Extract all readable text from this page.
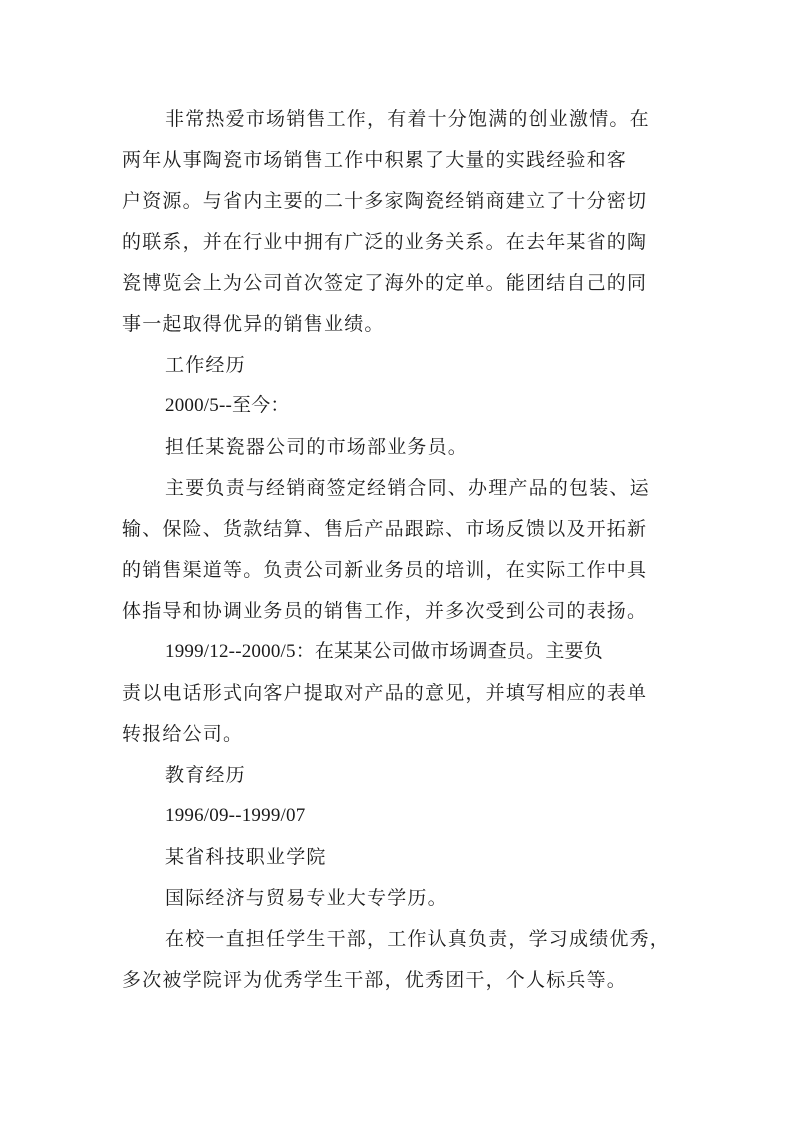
非常热爱市场销售工作，有着十分饱满的创业激情。在
两年从事陶瓷市场销售工作中积累了大量的实践经验和客
户资源。与省内主要的二十多家陶瓷经销商建立了十分密切
的联系，并在行业中拥有广泛的业务关系。在去年某省的陶
瓷博览会上为公司首次签定了海外的定单。能团结自己的同
事一起取得优异的销售业绩。
工作经历
2000/5--至今：
担任某瓷器公司的市场部业务员。
主要负责与经销商签定经销合同、办理产品的包装、运
输、保险、货款结算、售后产品跟踪、市场反馈以及开拓新
的销售渠道等。负责公司新业务员的培训，在实际工作中具
体指导和协调业务员的销售工作，并多次受到公司的表扬。
1999/12--2000/5：在某某公司做市场调查员。主要负
责以电话形式向客户提取对产品的意见，并填写相应的表单
转报给公司。
教育经历
1996/09--1999/07
某省科技职业学院
国际经济与贸易专业大专学历。
在校一直担任学生干部，工作认真负责，学习成绩优秀，
多次被学院评为优秀学生干部，优秀团干，个人标兵等。
